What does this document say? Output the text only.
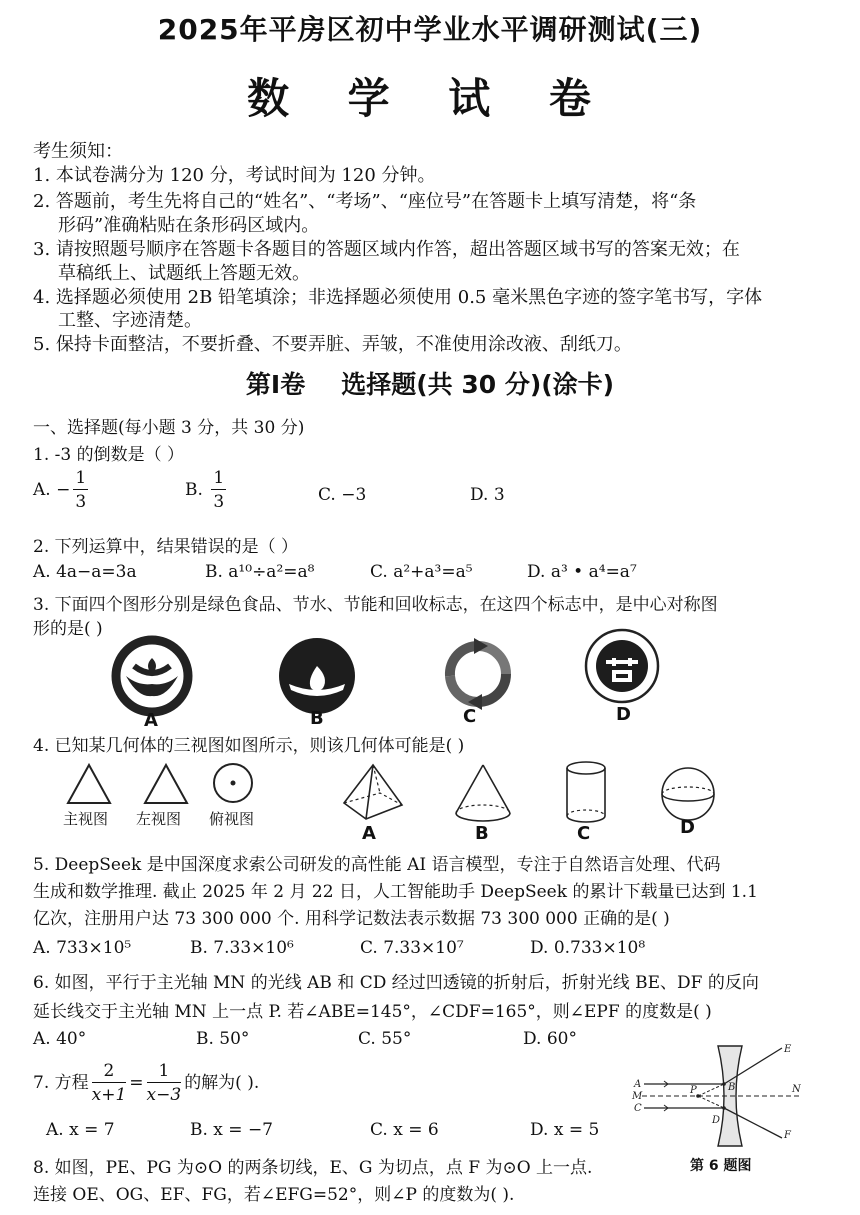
2025年平房区初中学业水平调研测试(三)
数 学 试 卷
考生须知：
1. 本试卷满分为 120 分，考试时间为 120 分钟。
2. 答题前，考生先将自己的“姓名”、“考场”、“座位号”在答题卡上填写清楚，将“条
形码”准确粘贴在条形码区域内。
3. 请按照题号顺序在答题卡各题目的答题区域内作答，超出答题区域书写的答案无效；在
草稿纸上、试题纸上答题无效。
4. 选择题必须使用 2B 铅笔填涂；非选择题必须使用 0.5 毫米黑色字迹的签字笔书写，字体
工整、字迹清楚。
5. 保持卡面整洁，不要折叠、不要弄脏、弄皱，不准使用涂改液、刮纸刀。
第Ⅰ卷 选择题(共 30 分)(涂卡)
一、选择题(每小题 3 分，共 30 分)
1. -3 的倒数是（ ）
A. − $\frac{1}{3}$	B. $\frac{1}{3}$	C. −3	D. 3
2. 下列运算中，结果错误的是（ ）
A. 4a−a=3a	B. a¹⁰÷a²=a⁸	C. a²+a³=a⁵	D. a³ • a⁴=a⁷
3. 下面四个图形分别是绿色食品、节水、节能和回收标志，在这四个标志中，是中心对称图
形的是( )
A	B	C	D
4. 已知某几何体的三视图如图所示，则该几何体可能是( )
主视图 左视图 俯视图
A	B	C	D
5. DeepSeek 是中国深度求索公司研发的高性能 AI 语言模型，专注于自然语言处理、代码
生成和数学推理. 截止 2025 年 2 月 22 日，人工智能助手 DeepSeek 的累计下载量已达到 1.1
亿次，注册用户达 73 300 000 个. 用科学记数法表示数据 73 300 000 正确的是( )
A. 733×10⁵	B. 7.33×10⁶	C. 7.33×10⁷	D. 0.733×10⁸
6. 如图，平行于主光轴 MN 的光线 AB 和 CD 经过凹透镜的折射后，折射光线 BE、DF 的反向
延长线交于主光轴 MN 上一点 P. 若∠ABE=145°，∠CDF=165°，则∠EPF 的度数是( )
A. 40°	B. 50°	C. 55°	D. 60°
A
M
C
P	B
D
E
N
F
第 6 题图
7. 方程 $\frac{2}{x+1} = \frac{1}{x-3}$ 的解为( ).
A. x = 7	B. x = −7	C. x = 6	D. x = 5
8. 如图，PE、PG 为⊙O 的两条切线，E、G 为切点，点 F 为⊙O 上一点.
连接 OE、OG、EF、FG，若∠EFG=52°，则∠P 的度数为( ).
